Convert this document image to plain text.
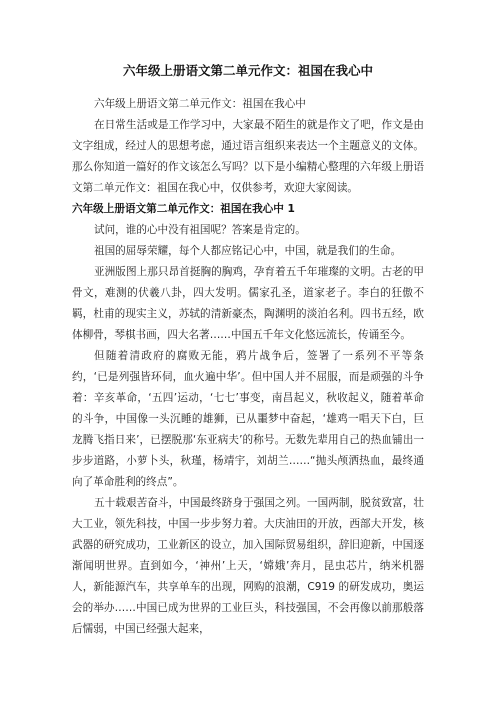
六年级上册语文第二单元作文：祖国在我心中

六年级上册语文第二单元作文：祖国在我心中

在日常生活或是工作学习中，大家最不陌生的就是作文了吧，作文是由文字组成，经过人的思想考虑，通过语言组织来表达一个主题意义的文体。那么你知道一篇好的作文该怎么写吗？以下是小编精心整理的六年级上册语文第二单元作文：祖国在我心中，仅供参考，欢迎大家阅读。

六年级上册语文第二单元作文：祖国在我心中 1

试问，谁的心中没有祖国呢？答案是肯定的。

祖国的屈辱荣耀，每个人都应铭记心中，中国，就是我们的生命。

亚洲版图上那只昂首挺胸的胸鸡，孕育着五千年璀璨的文明。古老的甲骨文，难测的伏羲八卦，四大发明。儒家孔圣，道家老子。李白的狂傲不羁，杜甫的现实主义，苏轼的清新豪杰，陶渊明的淡泊名利。四书五经，欧体柳骨，琴棋书画，四大名著……中国五千年文化悠远流长，传诵至今。

但随着清政府的腐败无能，鸦片战争后，签署了一系列不平等条约，‘已是列强皆环伺，血火遍中华’。但中国人并不屈服，而是顽强的斗争着：辛亥革命，‘五四’运动，‘七七’事变，南昌起义，秋收起义，随着革命的斗争，中国像一头沉睡的雄狮，已从噩梦中奋起，‘雄鸡一唱天下白，巨龙腾飞指日来’，已摆脱那‘东亚病夫’的称号。无数先辈用自己的热血铺出一步步道路，小萝卜头，秋瑾，杨靖宇，刘胡兰……“抛头颅洒热血，最终通向了革命胜利的终点”。

五十载艰苦奋斗，中国最终跻身于强国之列。一国两制，脱贫致富，壮大工业，领先科技，中国一步步努力着。大庆油田的开放，西部大开发，核武器的研究成功，工业新区的设立，加入国际贸易组织，辞旧迎新，中国逐渐闻明世界。直到如今，‘神州’上天，‘嫦娥’奔月，昆虫芯片，纳米机器人，新能源汽车，共享单车的出现，网购的浪潮，C919 的研发成功，奥运会的举办……中国已成为世界的工业巨头，科技强国，不会再像以前那般落后懦弱，中国已经强大起来，
